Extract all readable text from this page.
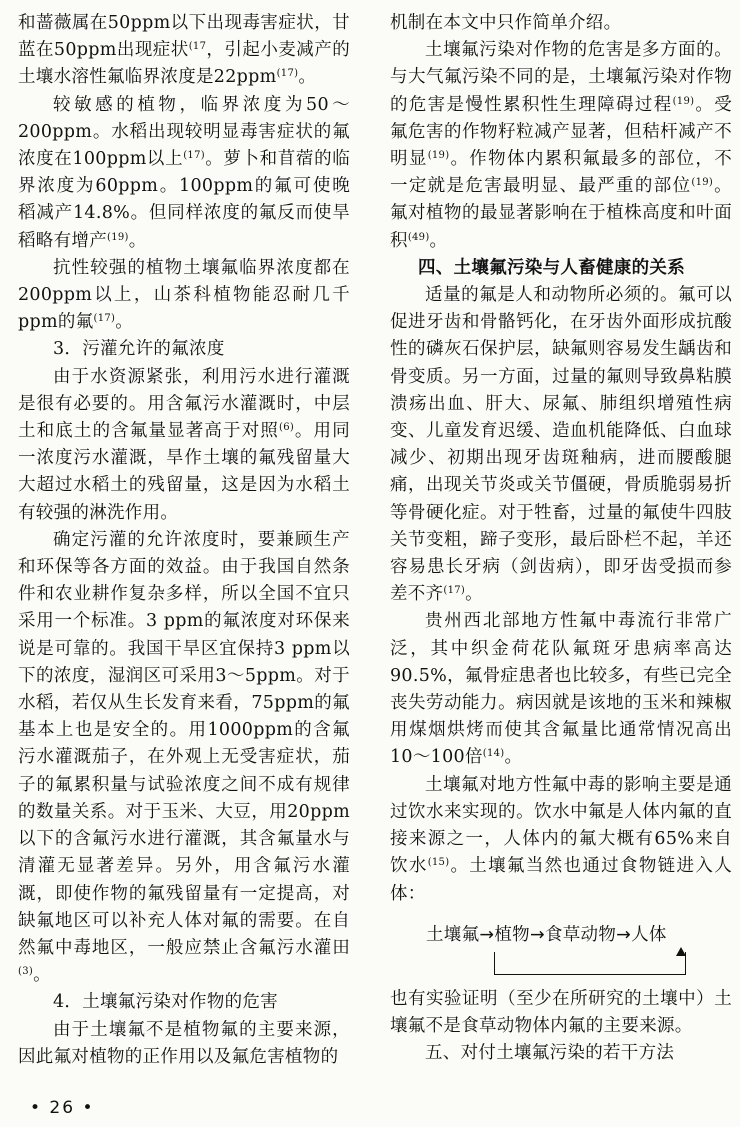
和蔷薇属在50ppm以下出现毒害症状，甘蓝在50ppm出现症状$^{(17}$，引起小麦减产的土壤水溶性氟临界浓度是22ppm$^{(17)}$。

较敏感的植物，临界浓度为50～200ppm。水稻出现较明显毒害症状的氟浓度在100ppm以上$^{(17)}$。萝卜和苜蓿的临界浓度为60ppm。100ppm的氟可使晚稻减产14.8%。但同样浓度的氟反而使旱稻略有增产$^{(19)}$。

抗性较强的植物土壤氟临界浓度都在200ppm以上，山茶科植物能忍耐几千ppm的氟$^{(17)}$。

3．污灌允许的氟浓度

由于水资源紧张，利用污水进行灌溉是很有必要的。用含氟污水灌溉时，中层土和底土的含氟量显著高于对照$^{(6)}$。用同一浓度污水灌溉，旱作土壤的氟残留量大大超过水稻土的残留量，这是因为水稻土有较强的淋洗作用。

确定污灌的允许浓度时，要兼顾生产和环保等各方面的效益。由于我国自然条件和农业耕作复杂多样，所以全国不宜只采用一个标准。3 ppm的氟浓度对环保来说是可靠的。我国干旱区宜保持3 ppm以下的浓度，湿润区可采用3～5ppm。对于水稻，若仅从生长发育来看，75ppm的氟基本上也是安全的。用1000ppm的含氟污水灌溉茄子，在外观上无受害症状，茄子的氟累积量与试验浓度之间不成有规律的数量关系。对于玉米、大豆，用20ppm以下的含氟污水进行灌溉，其含氟量水与清灌无显著差异。另外，用含氟污水灌溉，即使作物的氟残留量有一定提高，对缺氟地区可以补充人体对氟的需要。在自然氟中毒地区，一般应禁止含氟污水灌田$^{(3)}$。

4．土壤氟污染对作物的危害

由于土壤氟不是植物氟的主要来源，因此氟对植物的正作用以及氟危害植物的

机制在本文中只作简单介绍。

土壤氟污染对作物的危害是多方面的。与大气氟污染不同的是，土壤氟污染对作物的危害是慢性累积性生理障碍过程$^{(19)}$。受氟危害的作物籽粒减产显著，但秸杆减产不明显$^{(19)}$。作物体内累积氟最多的部位，不一定就是危害最明显、最严重的部位$^{(19)}$。氟对植物的最显著影响在于植株高度和叶面积$^{(49)}$。

四、土壤氟污染与人畜健康的关系

适量的氟是人和动物所必须的。氟可以促进牙齿和骨骼钙化，在牙齿外面形成抗酸性的磷灰石保护层，缺氟则容易发生龋齿和骨变质。另一方面，过量的氟则导致鼻粘膜溃疡出血、肝大、尿氟、肺组织增殖性病变、儿童发育迟缓、造血机能降低、白血球减少、初期出现牙齿斑釉病，进而腰酸腿痛，出现关节炎或关节僵硬，骨质脆弱易折等骨硬化症。对于牲畜，过量的氟使牛四肢关节变粗，蹄子变形，最后卧栏不起，羊还容易患长牙病（剑齿病），即牙齿受损而参差不齐$^{(17)}$。

贵州西北部地方性氟中毒流行非常广泛，其中织金荷花队氟斑牙患病率高达90.5%，氟骨症患者也比较多，有些已完全丧失劳动能力。病因就是该地的玉米和辣椒用煤烟烘烤而使其含氟量比通常情况高出10～100倍$^{(14)}$。

土壤氟对地方性氟中毒的影响主要是通过饮水来实现的。饮水中氟是人体内氟的直接来源之一，人体内的氟大概有65%来自饮水$^{(15)}$。土壤氟当然也通过食物链进入人体：

土壤氟→植物→食草动物→人体

也有实验证明（至少在所研究的土壤中）土壤氟不是食草动物体内氟的主要来源。

五、对付土壤氟污染的若干方法
• 26 •
